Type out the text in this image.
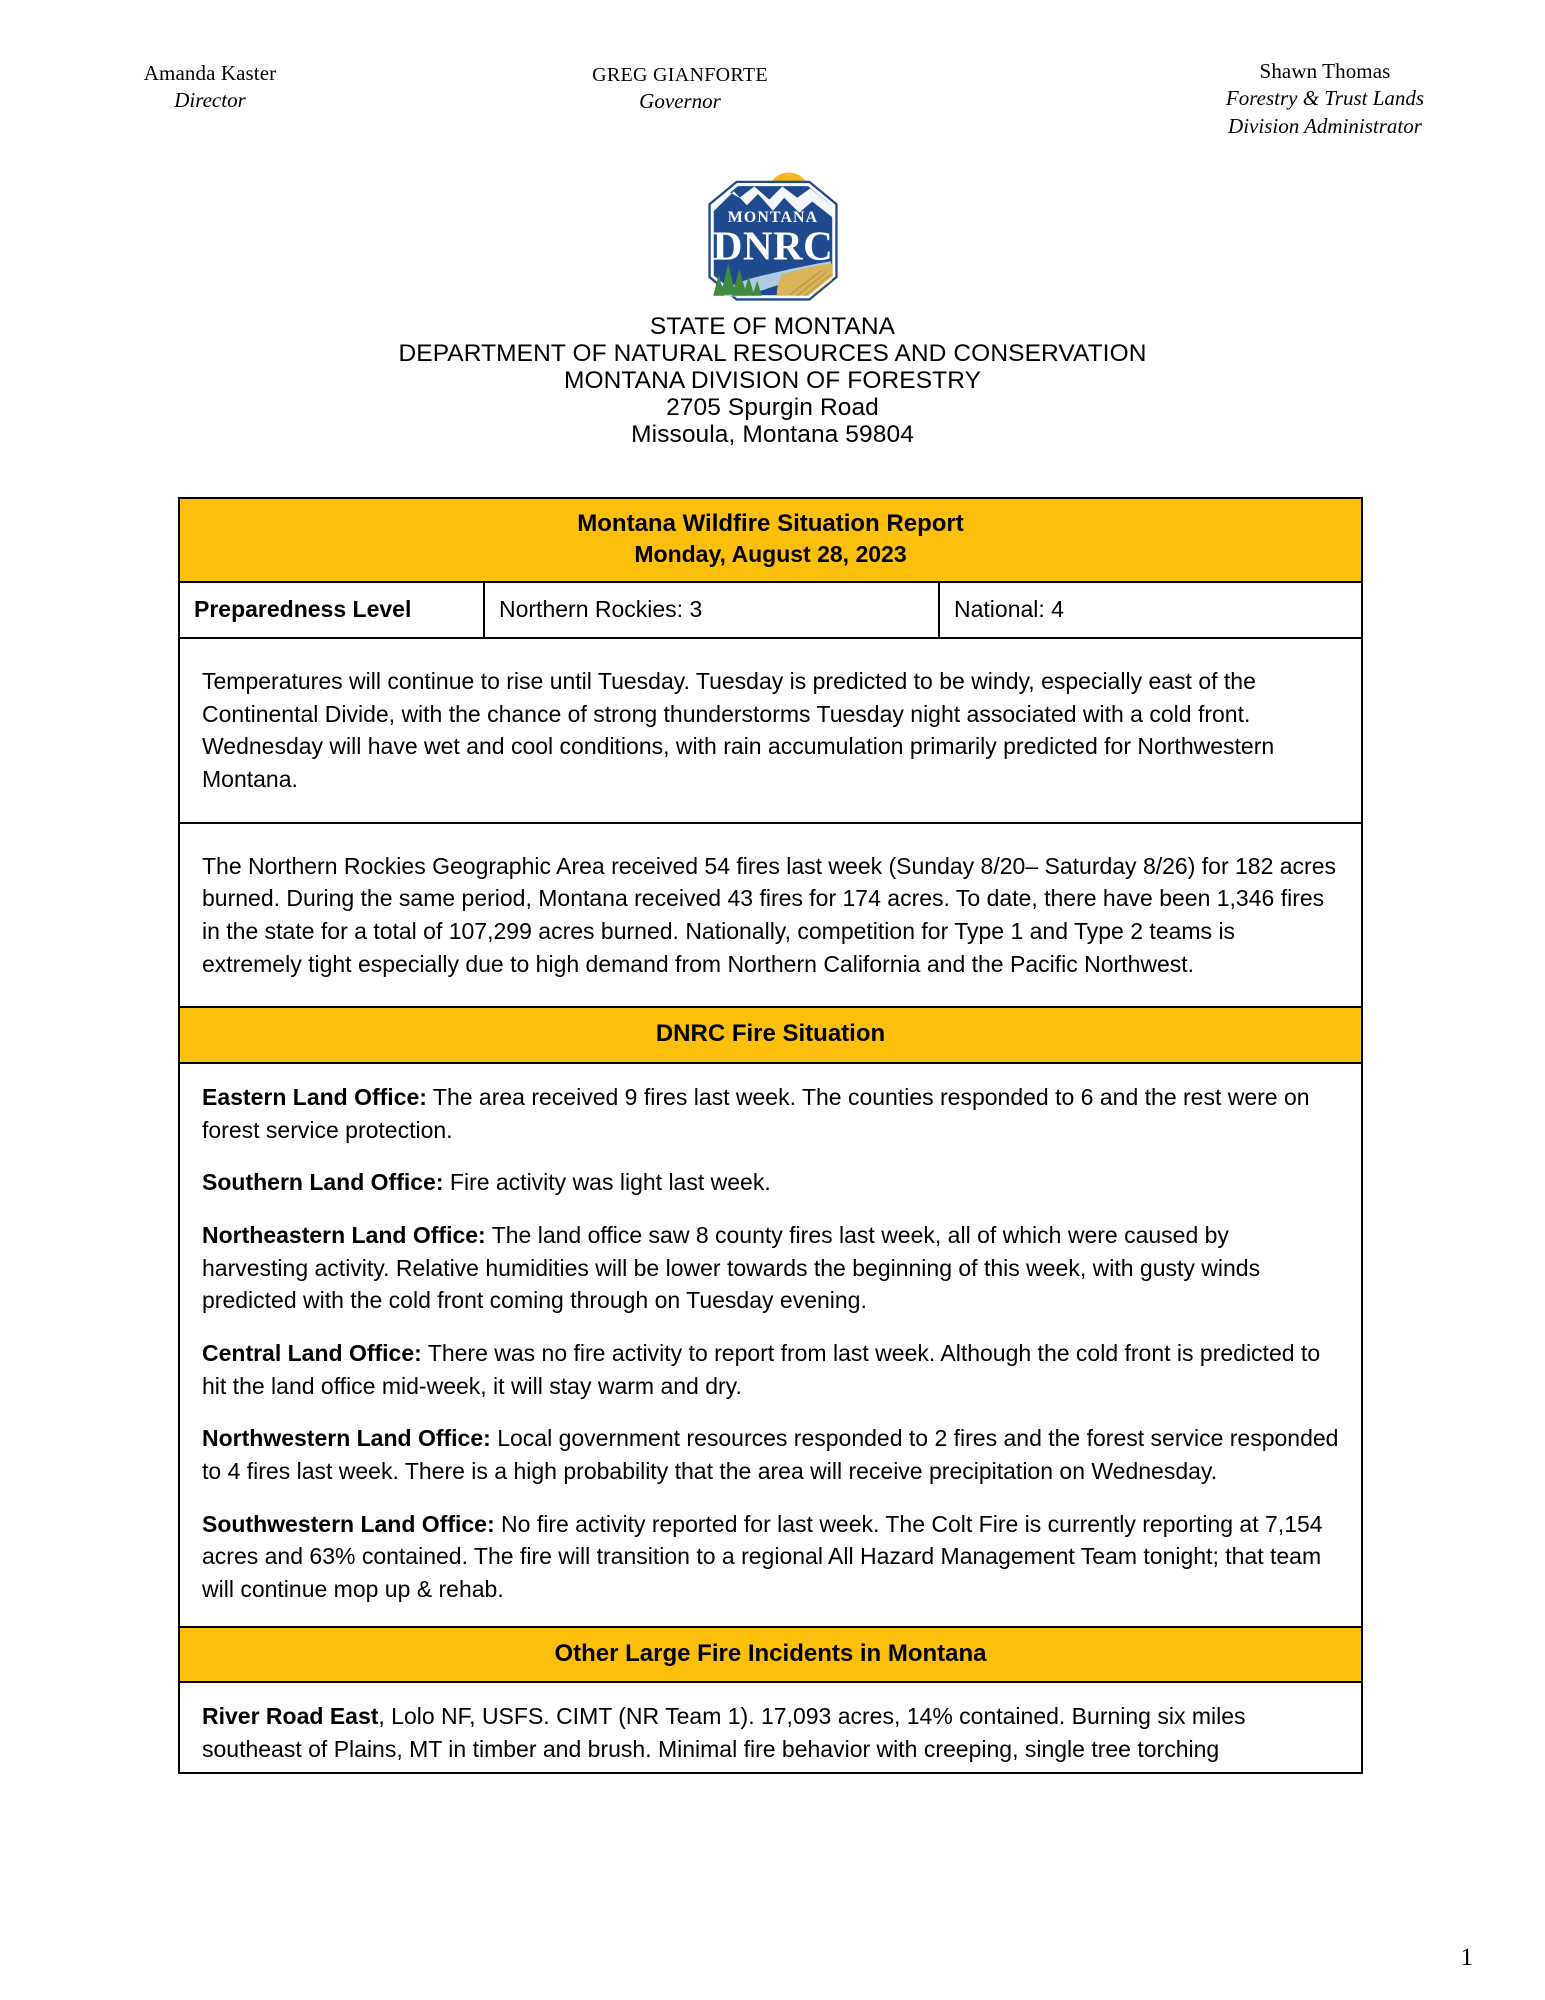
Amanda Kaster
Director
GREG GIANFORTE
Governor
Shawn Thomas
Forestry & Trust Lands
Division Administrator
MONTANA
DNRC
STATE OF MONTANA
DEPARTMENT OF NATURAL RESOURCES AND CONSERVATION
MONTANA DIVISION OF FORESTRY
2705 Spurgin Road
Missoula, Montana 59804
Montana Wildfire Situation Report
Monday, August 28, 2023
Preparedness Level	Northern Rockies: 3	National: 4

Temperatures will continue to rise until Tuesday. Tuesday is predicted to be windy, especially east of the Continental Divide, with the chance of strong thunderstorms Tuesday night associated with a cold front. Wednesday will have wet and cool conditions, with rain accumulation primarily predicted for Northwestern Montana.

The Northern Rockies Geographic Area received 54 fires last week (Sunday 8/20– Saturday 8/26) for 182 acres burned. During the same period, Montana received 43 fires for 174 acres. To date, there have been 1,346 fires in the state for a total of 107,299 acres burned. Nationally, competition for Type 1 and Type 2 teams is extremely tight especially due to high demand from Northern California and the Pacific Northwest.

DNRC Fire Situation

Eastern Land Office: The area received 9 fires last week. The counties responded to 6 and the rest were on forest service protection.

Southern Land Office: Fire activity was light last week.

Northeastern Land Office: The land office saw 8 county fires last week, all of which were caused by harvesting activity. Relative humidities will be lower towards the beginning of this week, with gusty winds predicted with the cold front coming through on Tuesday evening.

Central Land Office: There was no fire activity to report from last week. Although the cold front is predicted to hit the land office mid-week, it will stay warm and dry.

Northwestern Land Office: Local government resources responded to 2 fires and the forest service responded to 4 fires last week. There is a high probability that the area will receive precipitation on Wednesday.

Southwestern Land Office: No fire activity reported for last week. The Colt Fire is currently reporting at 7,154 acres and 63% contained. The fire will transition to a regional All Hazard Management Team tonight; that team will continue mop up & rehab.

Other Large Fire Incidents in Montana

River Road East, Lolo NF, USFS. CIMT (NR Team 1). 17,093 acres, 14% contained. Burning six miles southeast of Plains, MT in timber and brush. Minimal fire behavior with creeping, single tree torching

1
